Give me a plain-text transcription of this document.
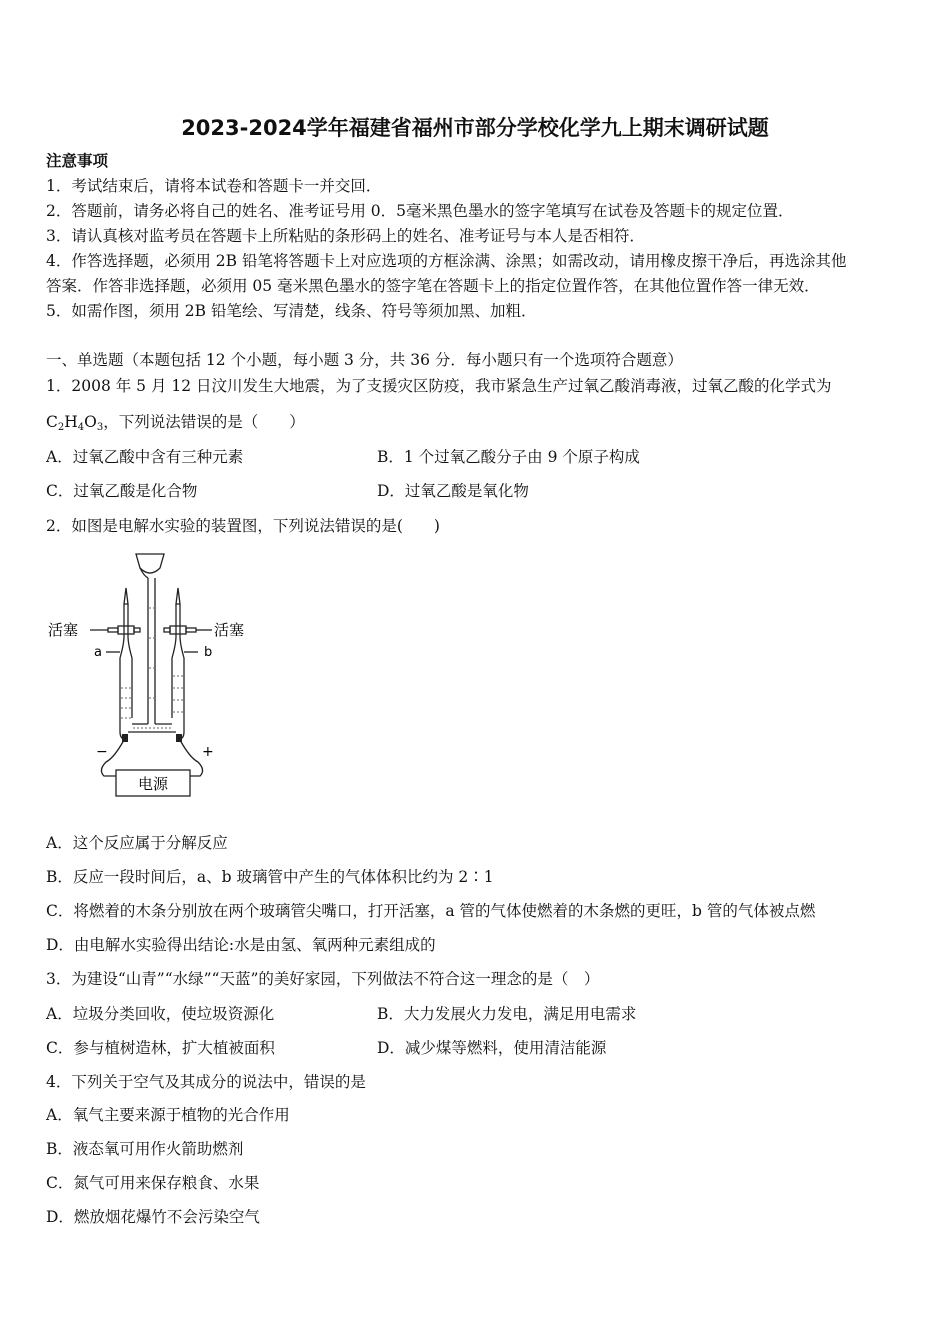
2023-2024学年福建省福州市部分学校化学九上期末调研试题
注意事项
1．考试结束后，请将本试卷和答题卡一并交回．
2．答题前，请务必将自己的姓名、准考证号用 0．5毫米黑色墨水的签字笔填写在试卷及答题卡的规定位置．
3．请认真核对监考员在答题卡上所粘贴的条形码上的姓名、准考证号与本人是否相符．
4．作答选择题，必须用 2B 铅笔将答题卡上对应选项的方框涂满、涂黑；如需改动，请用橡皮擦干净后，再选涂其他
答案．作答非选择题，必须用 05 毫米黑色墨水的签字笔在答题卡上的指定位置作答，在其他位置作答一律无效．
5．如需作图，须用 2B 铅笔绘、写清楚，线条、符号等须加黑、加粗．
一、单选题（本题包括 12 个小题，每小题 3 分，共 36 分．每小题只有一个选项符合题意）
1．2008 年 5 月 12 日汶川发生大地震，为了支援灾区防疫，我市紧急生产过氧乙酸消毒液，过氧乙酸的化学式为
$C_2H_4O_3$，下列说法错误的是（　　）
A．过氧乙酸中含有三种元素	B．1 个过氧乙酸分子由 9 个原子构成
C．过氧乙酸是化合物	D．过氧乙酸是氧化物
2．如图是电解水实验的装置图，下列说法错误的是(　　)
电源
活塞	活塞
a	b
−	+
A．这个反应属于分解反应
B．反应一段时间后，a、b 玻璃管中产生的气体体积比约为 2∶1
C．将燃着的木条分别放在两个玻璃管尖嘴口，打开活塞，a 管的气体使燃着的木条燃的更旺，b 管的气体被点燃
D．由电解水实验得出结论:水是由氢、氧两种元素组成的
3．为建设“山青”“水绿”“天蓝”的美好家园，下列做法不符合这一理念的是（　）
A．垃圾分类回收，使垃圾资源化	B．大力发展火力发电，满足用电需求
C．参与植树造林，扩大植被面积	D．减少煤等燃料，使用清洁能源
4．下列关于空气及其成分的说法中，错误的是
A．氧气主要来源于植物的光合作用
B．液态氧可用作火箭助燃剂
C．氮气可用来保存粮食、水果
D．燃放烟花爆竹不会污染空气
